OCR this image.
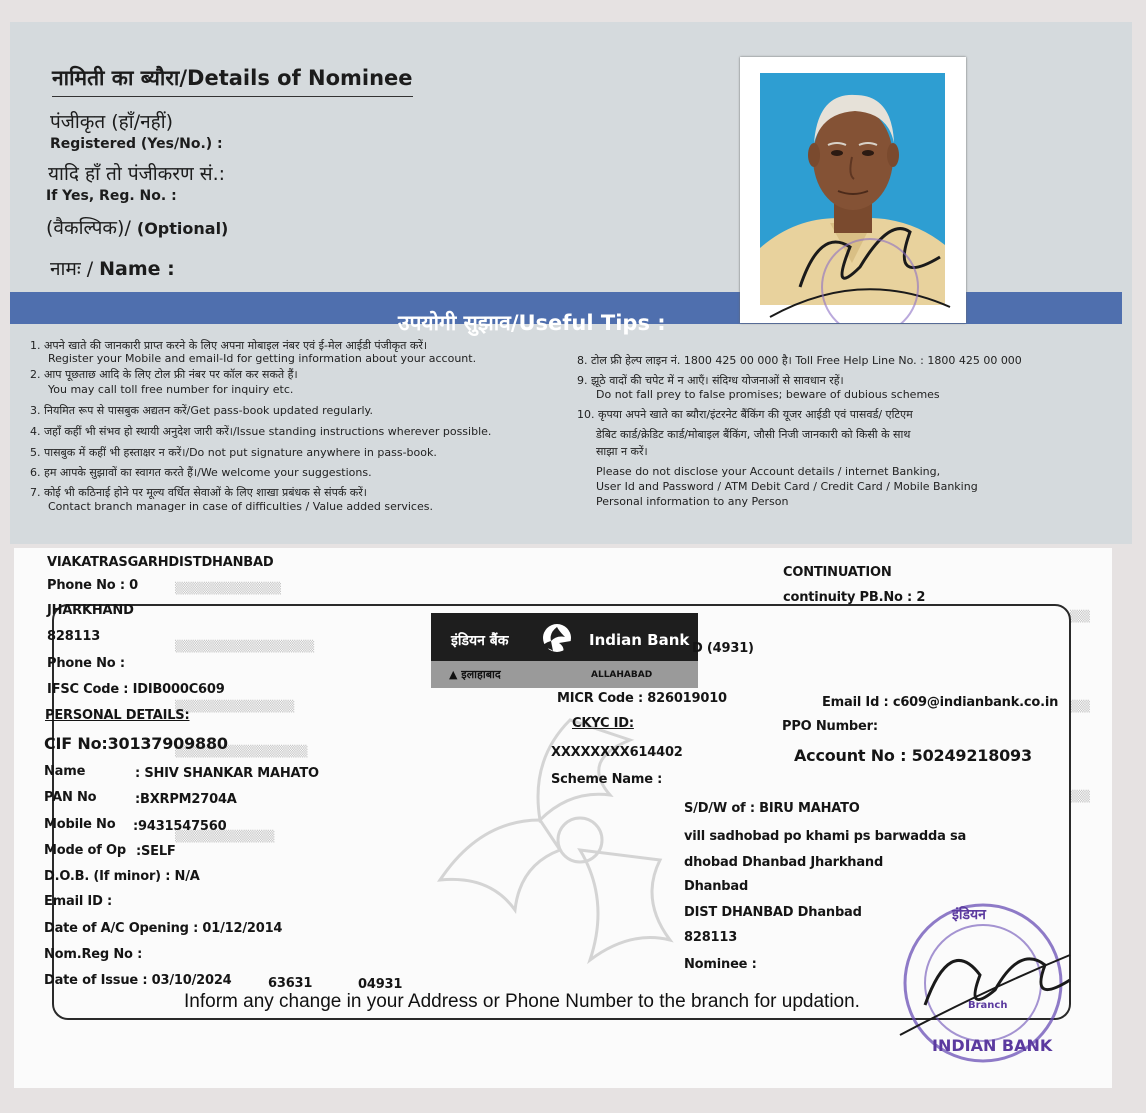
नामिती का ब्यौरा/Details of Nominee
पंजीकृत (हाँ/नहीं)
Registered (Yes/No.) :
यादि हाँ तो पंजीकरण सं.:
If Yes, Reg. No. :
(वैकल्पिक)/ (Optional)
नामः / Name :
उपयोगी सुझाव/Useful Tips :
1. अपने खाते की जानकारी प्राप्त करने के लिए अपना मोबाइल नंबर एवं ई-मेल आईडी पंजीकृत करें।
Register your Mobile and email-Id for getting information about your account.
2. आप पूछताछ आदि के लिए टोल फ्री नंबर पर कॉल कर सकते हैं।
You may call toll free number for inquiry etc.
3. नियमित रूप से पासबुक अद्यतन करें/Get pass-book updated regularly.
4. जहाँ कहीं भी संभव हो स्थायी अनुदेश जारी करें।/Issue standing instructions wherever possible.
5. पासबुक में कहीं भी हस्ताक्षर न करें।/Do not put signature anywhere in pass-book.
6. हम आपके सुझावों का स्वागत करते हैं।/We welcome your suggestions.
7. कोई भी कठिनाई होने पर मूल्य वर्धित सेवाओं के लिए शाखा प्रबंधक से संपर्क करें।
Contact branch manager in case of difficulties / Value added services.
8. टोल फ्री हेल्प लाइन नं. 1800 425 00 000 है। Toll Free Help Line No. : 1800 425 00 000
9. झूठे वादों की चपेट में न आएँ। संदिग्ध योजनाओं से सावधान रहें।
Do not fall prey to false promises; beware of dubious schemes
10. कृपया अपने खाते का ब्यौरा/इंटरनेट बैंकिंग की यूजर आईडी एवं पासवर्ड/ एटिएम
डेबिट कार्ड/क्रेडिट कार्ड/मोबाइल बैंकिंग, जौसी निजी जानकारी को किसी के साथ
साझा न करें।
Please do not disclose your Account details / internet Banking,
User Id and Password / ATM Debit Card / Credit Card / Mobile Banking
Personal information to any Person
▒▒▒▒▒▒▒▒▒▒▒▒▒▒▒▒
▒▒▒▒▒▒▒▒▒▒▒▒▒▒▒▒▒▒▒▒▒
▒▒▒▒▒▒▒▒▒▒▒▒▒▒▒▒▒▒
▒▒▒▒▒▒▒▒▒▒▒▒▒▒▒▒▒▒▒▒
▒▒▒▒▒▒▒▒▒▒▒▒▒▒▒
▒▒▒
▒▒▒
▒▒▒
VIAKATRASGARHDISTDHANBAD
Phone No : 0
JHARKHAND
828113
Phone No :
IFSC Code : IDIB000C609
CONTINUATION
continuity PB.No : 2
इंडियन बैंक	Indian Bank
▲ इलाहाबाद	ALLAHABAD
D (4931)
MICR Code : 826019010	Email Id : c609@indianbank.co.in
CKYC ID:	PPO Number:
XXXXXXXX614402	Account No : 50249218093
Scheme Name :
PERSONAL DETAILS:
CIF No:30137909880
Name	: SHIV SHANKAR MAHATO
PAN No	:BXRPM2704A
Mobile No :9431547560
Mode of Op :SELF
D.O.B. (If minor) : N/A
Email ID :
Date of A/C Opening : 01/12/2014
Nom.Reg No :
Date of Issue : 03/10/2024	63631	04931
S/D/W of : BIRU MAHATO
vill sadhobad po khami ps barwadda sa
dhobad Dhanbad Jharkhand
Dhanbad
DIST DHANBAD Dhanbad
828113
Nominee :
Inform any change in your Address or Phone Number to the branch for updation.
इंडियन
Branch
INDIAN BANK
